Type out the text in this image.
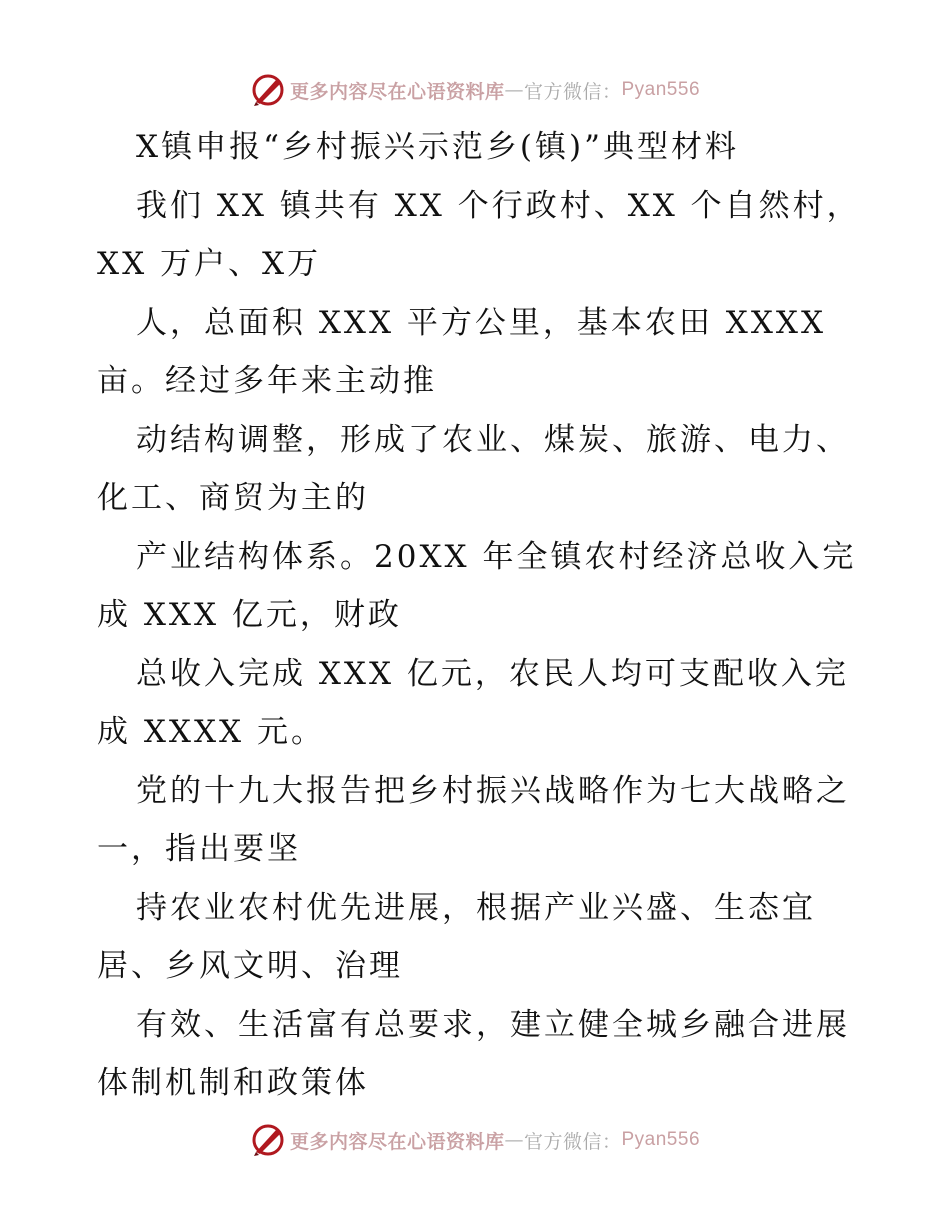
更多内容尽在心语资料库 — 官方微信： Pyan556
X镇申报“乡村振兴示范乡(镇)”典型材料
我们 XX 镇共有 XX 个行政村、XX 个自然村，
XX 万户、X万
人，总面积 XXX 平方公里，基本农田 XXXX
亩。经过多年来主动推
动结构调整，形成了农业、煤炭、旅游、电力、
化工、商贸为主的
产业结构体系。20XX 年全镇农村经济总收入完
成 XXX 亿元，财政
总收入完成 XXX 亿元，农民人均可支配收入完
成 XXXX 元。
党的十九大报告把乡村振兴战略作为七大战略之
一，指出要坚
持农业农村优先进展，根据产业兴盛、生态宜
居、乡风文明、治理
有效、生活富有总要求，建立健全城乡融合进展
体制机制和政策体
更多内容尽在心语资料库 — 官方微信： Pyan556
